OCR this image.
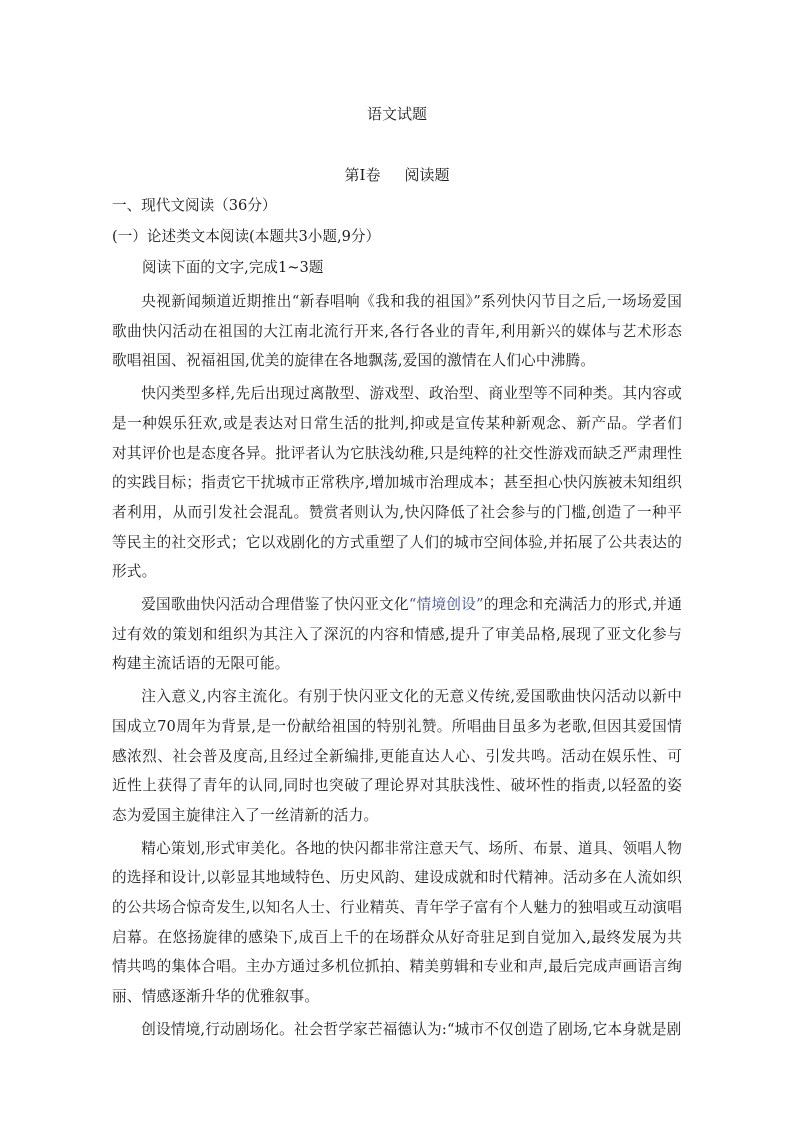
语文试题
第Ⅰ卷 阅读题
一、现代文阅读（36分）
(一）论述类文本阅读(本题共3小题,9分）
阅读下面的文字,完成1~3题

央视新闻频道近期推出“新春唱响《我和我的祖国》”系列快闪节目之后,一场场爱国歌曲快闪活动在祖国的大江南北流行开来,各行各业的青年,利用新兴的媒体与艺术形态歌唱祖国、祝福祖国,优美的旋律在各地飘荡,爱国的激情在人们心中沸腾。

快闪类型多样,先后出现过离散型、游戏型、政治型、商业型等不同种类。其内容或是一种娱乐狂欢,或是表达对日常生活的批判,抑或是宣传某种新观念、新产品。学者们对其评价也是态度各异。批评者认为它肤浅幼稚,只是纯粹的社交性游戏而缺乏严肃理性的实践目标；指责它干扰城市正常秩序,增加城市治理成本；甚至担心快闪族被未知组织者利用，从而引发社会混乱。赞赏者则认为,快闪降低了社会参与的门槛,创造了一种平等民主的社交形式；它以戏剧化的方式重塑了人们的城市空间体验,并拓展了公共表达的形式。

爱国歌曲快闪活动合理借鉴了快闪亚文化“情境创设”的理念和充满活力的形式,并通过有效的策划和组织为其注入了深沉的内容和情感,提升了审美品格,展现了亚文化参与构建主流话语的无限可能。

注入意义,内容主流化。有别于快闪亚文化的无意义传统,爱国歌曲快闪活动以新中国成立70周年为背景,是一份献给祖国的特别礼赞。所唱曲目虽多为老歌,但因其爱国情感浓烈、社会普及度高,且经过全新编排,更能直达人心、引发共鸣。活动在娱乐性、可近性上获得了青年的认同,同时也突破了理论界对其肤浅性、破坏性的指责,以轻盈的姿态为爱国主旋律注入了一丝清新的活力。

精心策划,形式审美化。各地的快闪都非常注意天气、场所、布景、道具、领唱人物的选择和设计,以彰显其地域特色、历史风韵、建设成就和时代精神。活动多在人流如织的公共场合惊奇发生,以知名人士、行业精英、青年学子富有个人魅力的独唱或互动演唱启幕。在悠扬旋律的感染下,成百上千的在场群众从好奇驻足到自觉加入,最终发展为共情共鸣的集体合唱。主办方通过多机位抓拍、精美剪辑和专业和声,最后完成声画语言绚丽、情感逐渐升华的优雅叙事。

创设情境,行动剧场化。社会哲学家芒福德认为:“城市不仅创造了剧场,它本身就是剧
